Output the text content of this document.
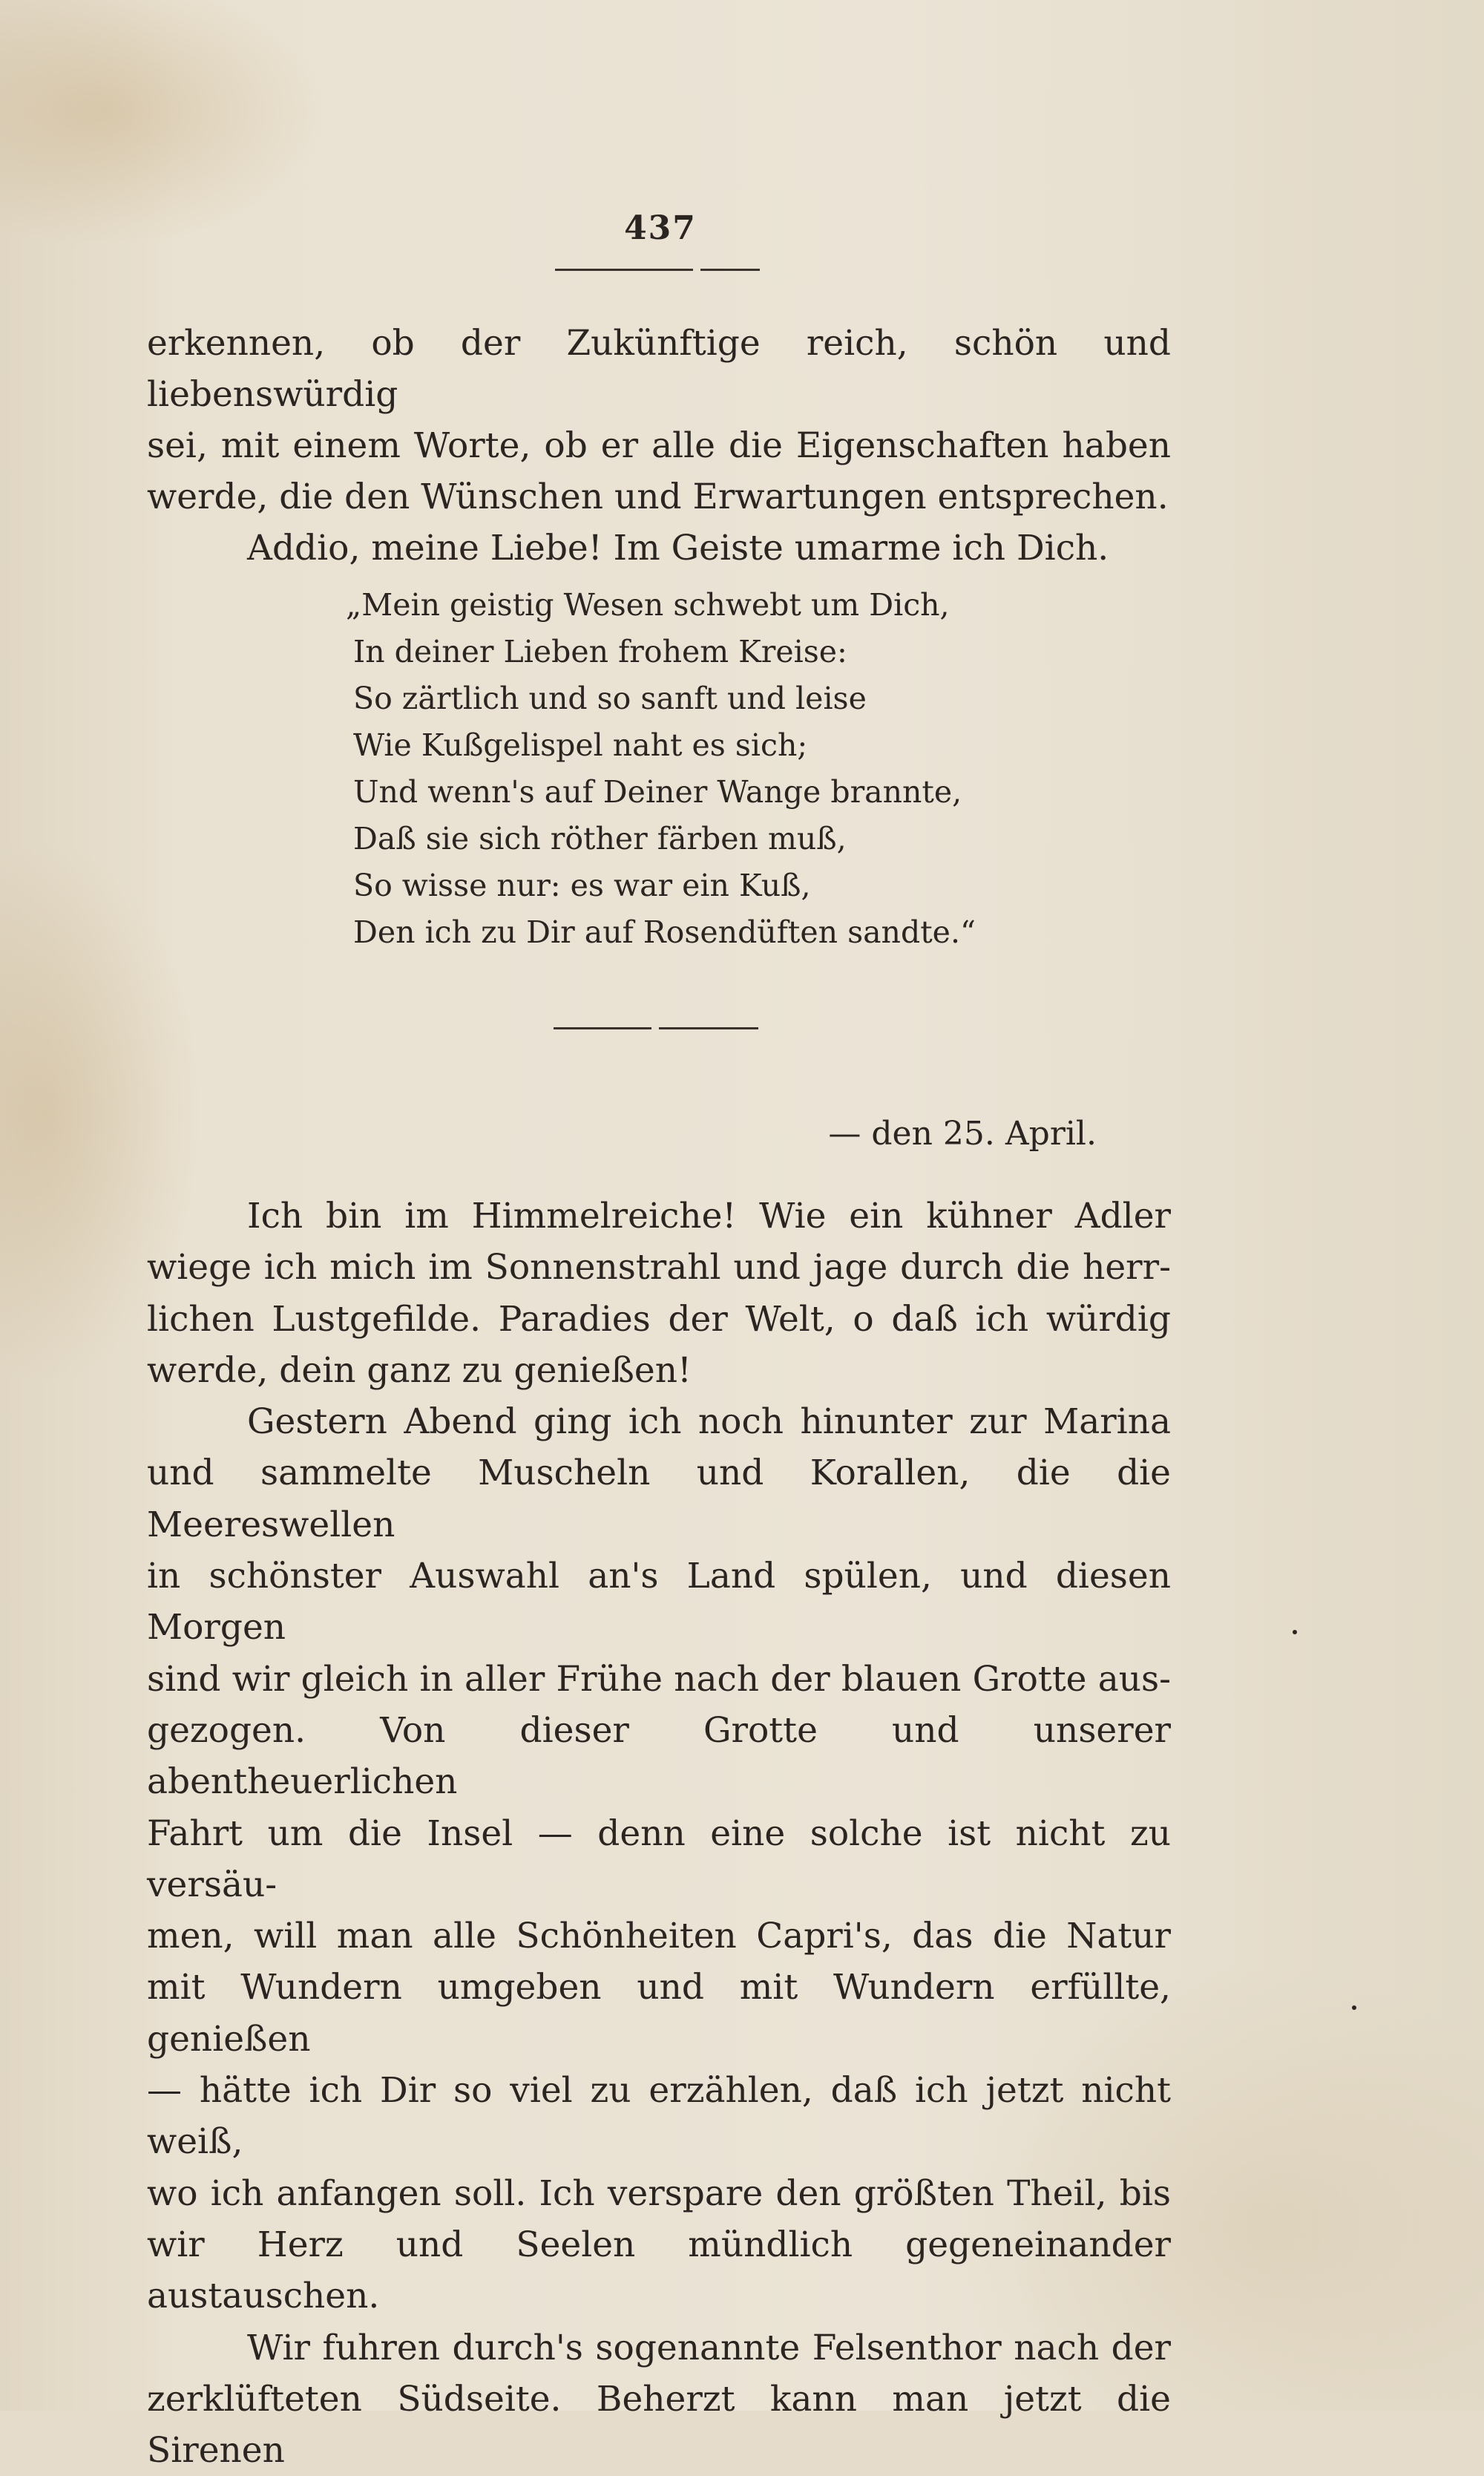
437
erkennen, ob der Zukünftige reich, schön und liebenswürdig
sei, mit einem Worte, ob er alle die Eigenschaften haben
werde, die den Wünschen und Erwartungen entsprechen.
Addio, meine Liebe! Im Geiste umarme ich Dich.
„Mein geistig Wesen schwebt um Dich,
In deiner Lieben frohem Kreise:
So zärtlich und so sanft und leise
Wie Kußgelispel naht es sich;
Und wenn's auf Deiner Wange brannte,
Daß sie sich röther färben muß,
So wisse nur: es war ein Kuß,
Den ich zu Dir auf Rosendüften sandte.“
— den 25. April.
Ich bin im Himmelreiche! Wie ein kühner Adler
wiege ich mich im Sonnenstrahl und jage durch die herr-
lichen Lustgefilde. Paradies der Welt, o daß ich würdig
werde, dein ganz zu genießen!
Gestern Abend ging ich noch hinunter zur Marina
und sammelte Muscheln und Korallen, die die Meereswellen
in schönster Auswahl an's Land spülen, und diesen Morgen
sind wir gleich in aller Frühe nach der blauen Grotte aus-
gezogen. Von dieser Grotte und unserer abentheuerlichen
Fahrt um die Insel — denn eine solche ist nicht zu versäu-
men, will man alle Schönheiten Capri's, das die Natur
mit Wundern umgeben und mit Wundern erfüllte, genießen
— hätte ich Dir so viel zu erzählen, daß ich jetzt nicht weiß,
wo ich anfangen soll. Ich verspare den größten Theil, bis
wir Herz und Seelen mündlich gegeneinander austauschen.
Wir fuhren durch's sogenannte Felsenthor nach der
zerklüfteten Südseite. Beherzt kann man jetzt die Sirenen
